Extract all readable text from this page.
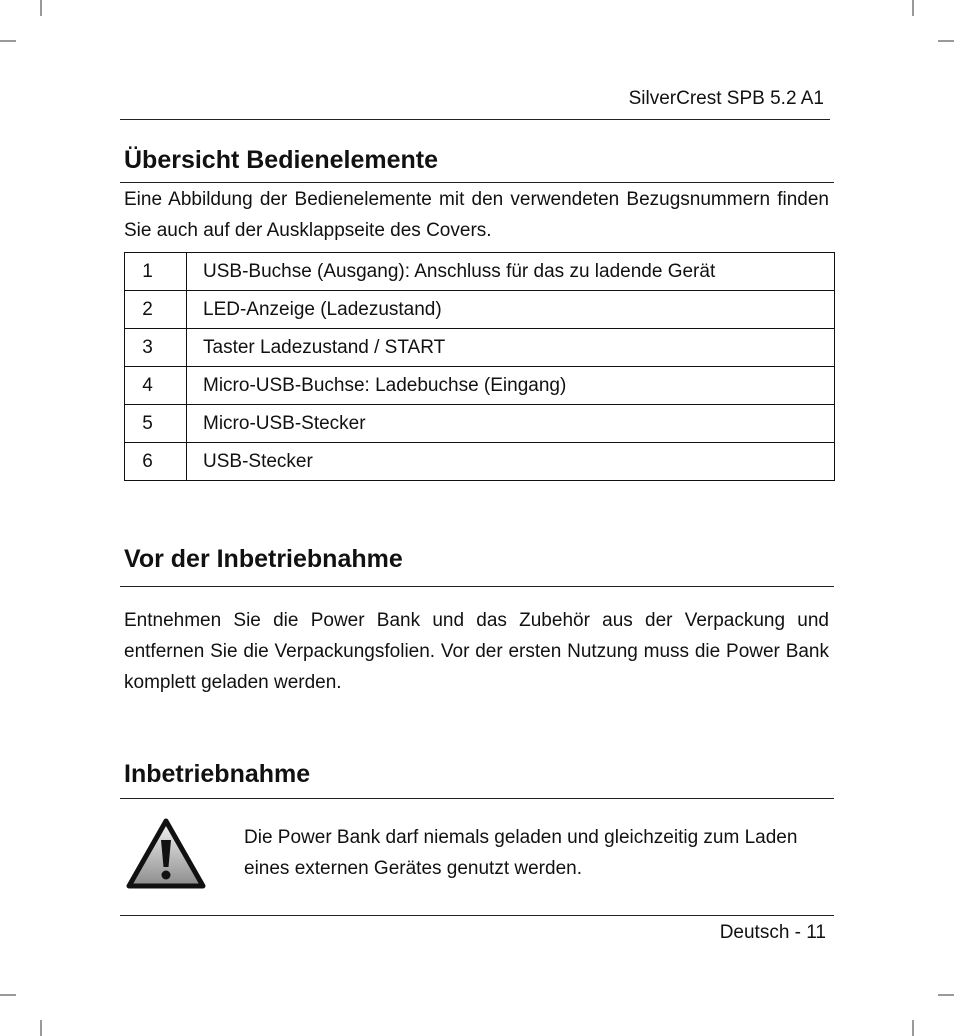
SilverCrest SPB 5.2 A1
Übersicht Bedienelemente

Eine Abbildung der Bedienelemente mit den verwendeten Bezugsnummern finden Sie auch auf der Ausklappseite des Covers.

1	USB-Buchse (Ausgang): Anschluss für das zu ladende Gerät
2	LED-Anzeige (Ladezustand)
3	Taster Ladezustand / START
4	Micro-USB-Buchse: Ladebuchse (Eingang)
5	Micro-USB-Stecker
6	USB-Stecker
Vor der Inbetriebnahme

Entnehmen Sie die Power Bank und das Zubehör aus der Verpackung und entfernen Sie die Verpackungsfolien. Vor der ersten Nutzung muss die Power Bank komplett geladen werden.

Inbetriebnahme
Die Power Bank darf niemals geladen und gleichzeitig zum Laden eines externen Gerätes genutzt werden.
Deutsch - 11
